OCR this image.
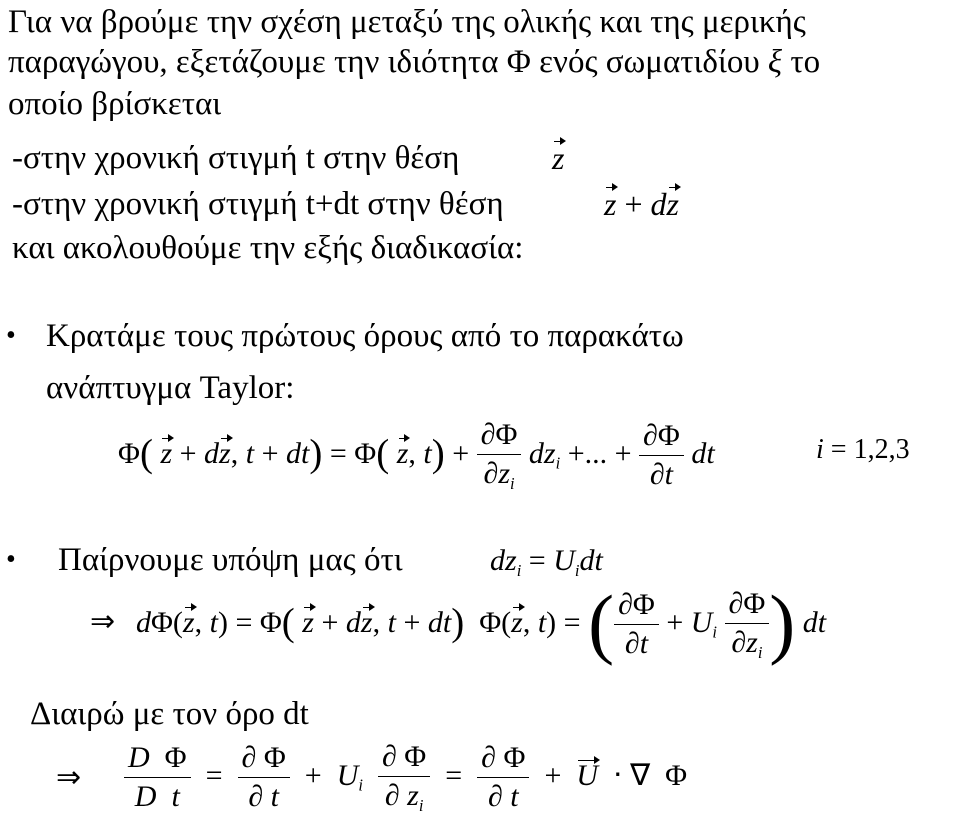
Για να βρούμε την σχέση μεταξύ της ολικής και της μερικής
παραγώγου, εξετάζουμε την ιδιότητα Φ ενός σωματιδίου ξ το
οποίο βρίσκεται
-στην χρονική στιγμή t στην θέση	z
-στην χρονική στιγμή t+dt στην θέση	z + dz
και ακολουθούμε την εξής διαδικασία:
• Κρατάμε τους πρώτους όρους από το παρακάτω
ανάπτυγμα Taylor:
Φ( z + dz, t + dt) = Φ( z, $t) + \frac{\partial\Phi}{\partial z_i} dz_i$ +... + $\frac{\partial\Phi}{\partial t}$ dt	i = 1,2,3
• Παίρνουμε υπόψη μας ότι	$dz_i = U_idt$
⇒ dΦ(z, t) = Φ( z + dz, t + dt)  Φ(z, t) = ( $\frac{\partial\Phi}{\partial t} + U_i \frac{\partial\Phi}{\partial z_i}$ ) dt
Διαιρώ με τον όρο dt
⇒ $\frac{\text{D  Φ}}{\text{D t}} = \frac{\partial \Phi}{\partial t} + U_i \frac{\partial \Phi}{\partial z_i} = \frac{\partial \Phi}{\partial t} + U$  ⋅ ∇  Φ
